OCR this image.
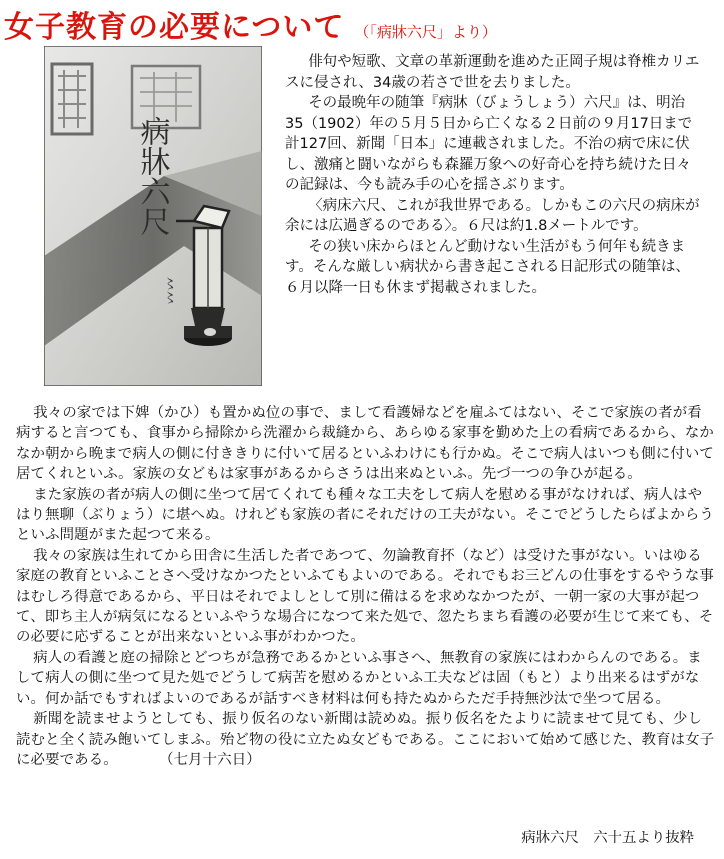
女子教育の必要について （「病牀六尺」より）
病牀六尺
〻〻

俳句や短歌、文章の革新運動を進めた正岡子規は脊椎カリエスに侵され、34歳の若さで世を去りました。

その最晩年の随筆『病牀（びょうしょう）六尺』は、明治35（1902）年の５月５日から亡くなる２日前の９月17日まで計127回、新聞「日本」に連載されました。不治の病で床に伏し、激痛と闘いながらも森羅万象への好奇心を持ち続けた日々の記録は、今も読み手の心を揺さぶります。

〈病床六尺、これが我世界である。しかもこの六尺の病床が余には広過ぎるのである〉。６尺は約1.8メートルです。

その狭い床からほとんど動けない生活がもう何年も続きます。そんな厳しい病状から書き起こされる日記形式の随筆は、６月以降一日も休まず掲載されました。

我々の家では下婢（かひ）も置かぬ位の事で、まして看護婦などを雇ふてはない、そこで家族の者が看病すると言つても、食事から掃除から洗濯から裁縫から、あらゆる家事を勤めた上の看病であるから、なかなか朝から晩まで病人の側に付ききりに付いて居るといふわけにも行かぬ。そこで病人はいつも側に付いて居てくれといふ。家族の女どもは家事があるからさうは出来ぬといふ。先づ一つの争ひが起る。

また家族の者が病人の側に坐つて居てくれても種々な工夫をして病人を慰める事がなければ、病人はやはり無聊（ぶりょう）に堪へぬ。けれども家族の者にそれだけの工夫がない。そこでどうしたらばよからうといふ問題がまた起つて来る。

我々の家族は生れてから田舎に生活した者であつて、勿論教育抔（など）は受けた事がない。いはゆる家庭の教育といふことさへ受けなかつたといふてもよいのである。それでもお三どんの仕事をするやうな事はむしろ得意であるから、平日はそれでよしとして別に備はるを求めなかつたが、一朝一家の大事が起つて、即ち主人が病気になるといふやうな場合になつて来た処で、忽たちまち看護の必要が生じて来ても、その必要に応ずることが出来ないといふ事がわかつた。

病人の看護と庭の掃除とどつちが急務であるかといふ事さへ、無教育の家族にはわからんのである。まして病人の側に坐つて見た処でどうして病苦を慰めるかといふ工夫などは固（もと）より出来るはずがない。何か話でもすればよいのであるが話すべき材料は何も持たぬからただ手持無沙汰で坐つて居る。

新聞を読ませようとしても、振り仮名のない新聞は読めぬ。振り仮名をたよりに読ませて見ても、少し読むと全く読み飽いてしまふ。殆ど物の役に立たぬ女どもである。ここにおいて始めて感じた、教育は女子に必要である。	（七月十六日）

病牀六尺　六十五より抜粋
